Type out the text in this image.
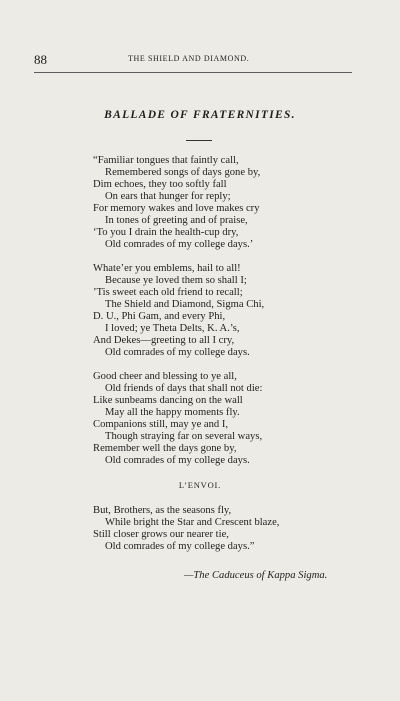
88	THE SHIELD AND DIAMOND.
BALLADE OF FRATERNITIES.
“Familiar tongues that faintly call,
Remembered songs of days gone by,
Dim echoes, they too softly fall
On ears that hunger for reply;
For memory wakes and love makes cry
In tones of greeting and of praise,
‘To you I drain the health-cup dry,
Old comrades of my college days.’
Whate’er you emblems, hail to all!
Because ye loved them so shall I;
’Tis sweet each old friend to recall;
The Shield and Diamond, Sigma Chi,
D. U., Phi Gam, and every Phi,
I loved; ye Theta Delts, K. A.’s,
And Dekes—greeting to all I cry,
Old comrades of my college days.
Good cheer and blessing to ye all,
Old friends of days that shall not die:
Like sunbeams dancing on the wall
May all the happy moments fly.
Companions still, may ye and I,
Though straying far on several ways,
Remember well the days gone by,
Old comrades of my college days.
L’ENVOI.
But, Brothers, as the seasons fly,
While bright the Star and Crescent blaze,
Still closer grows our nearer tie,
Old comrades of my college days.”
—The Caduceus of Kappa Sigma.
